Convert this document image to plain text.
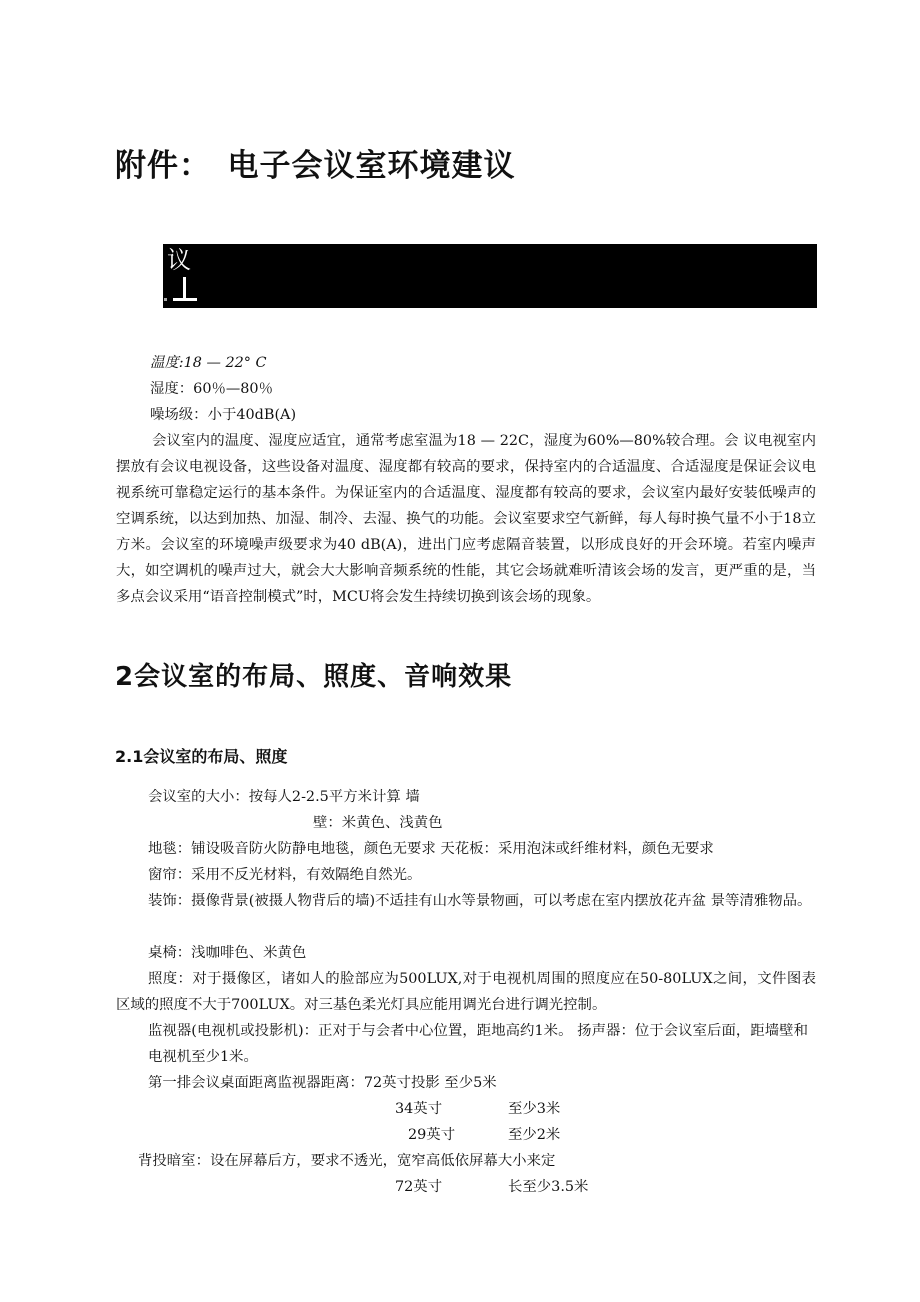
附件：　电子会议室环境建议
议
温度:18 — 22° C
湿度：60％—80％
噪场级：小于40dB(A)

会议室内的温度、湿度应适宜，通常考虑室温为18 — 22C，湿度为60%—80%较合理。会 议电视室内摆放有会议电视设备，这些设备对温度、湿度都有较高的要求，保持室内的合适温度、合适湿度是保证会议电视系统可靠稳定运行的基本条件。为保证室内的合适温度、湿度都有较高的要求，会议室内最好安装低噪声的空调系统，以达到加热、加湿、制冷、去湿、换气的功能。会议室要求空气新鲜，每人每时换气量不小于18立方米。会议室的环境噪声级要求为40 dB(A)，进出门应考虑隔音装置，以形成良好的开会环境。若室内噪声大，如空调机的噪声过大，就会大大影响音频系统的性能，其它会场就难听清该会场的发言，更严重的是，当多点会议采用“语音控制模式”时，MCU将会发生持续切换到该会场的现象。

2会议室的布局、照度、音响效果
2.1会议室的布局、照度
会议室的大小：按每人2-2.5平方米计算 墙
壁：米黄色、浅黄色
地毯：铺设吸音防火防静电地毯，颜色无要求 天花板：采用泡沫或纤维材料，颜色无要求
窗帘：采用不反光材料，有效隔绝自然光。

装饰：摄像背景(被摄人物背后的墙)不适挂有山水等景物画，可以考虑在室内摆放花卉盆 景等清雅物品。

桌椅：浅咖啡色、米黄色

照度：对于摄像区，诸如人的脸部应为500LUX,对于电视机周围的照度应在50-80LUX之间，文件图表区域的照度不大于700LUX。对三基色柔光灯具应能用调光台进行调光控制。

监视器(电视机或投影机)：正对于与会者中心位置，距地高约1米。 扬声器：位于会议室后面，距墙壁和电视机至少1米。

第一排会议桌面距离监视器距离：72英寸投影 至少5米
34英寸	至少3米
29英寸	至少2米
背投暗室：设在屏幕后方，要求不透光，宽窄高低依屏幕大小来定
72英寸	长至少3.5米
